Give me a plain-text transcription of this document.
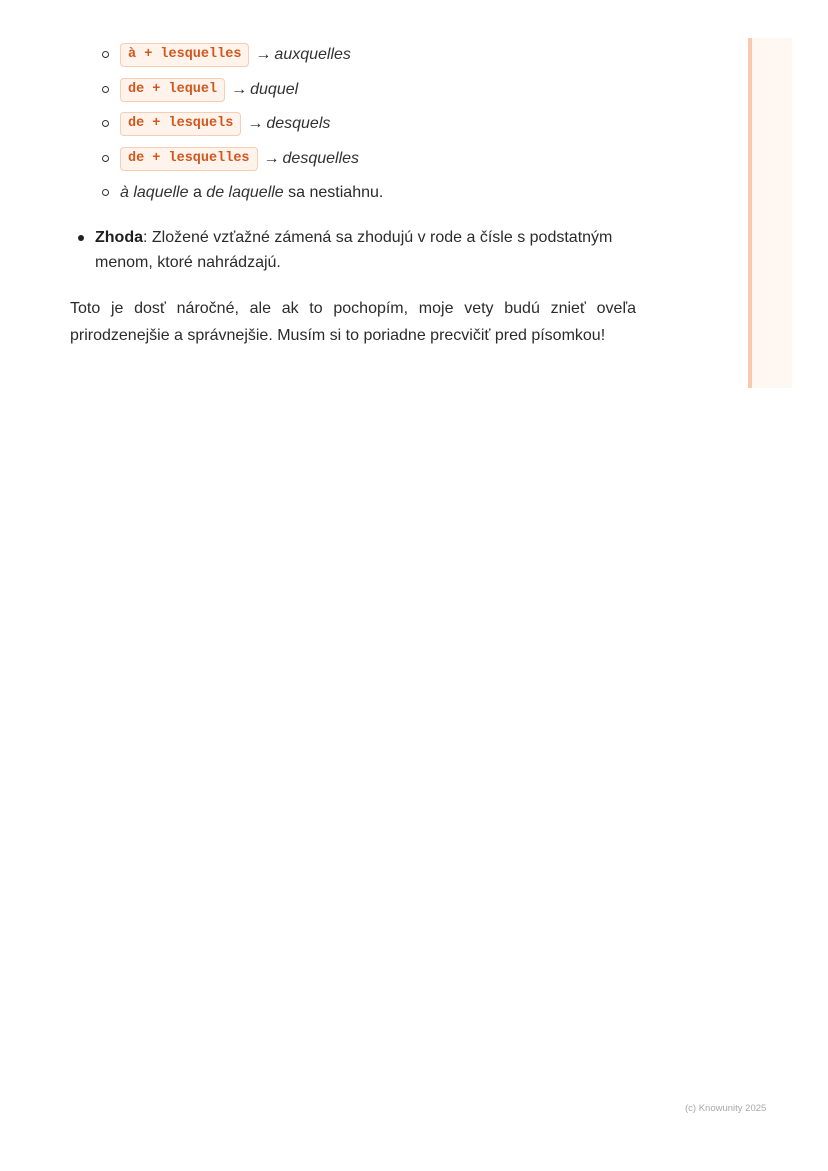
à + lesquelles → auxquelles
de + lequel → duquel
de + lesquels → desquels
de + lesquelles → desquelles
à laquelle a de laquelle sa nestiahnu.
Zhoda: Zložené vzťažné zámená sa zhodujú v rode a čísle s podstatným menom, ktoré nahrádzajú.

Toto je dosť náročné, ale ak to pochopím, moje vety budú znieť oveľa prirodzenejšie a správnejšie. Musím si to poriadne precvičiť pred písomkou!

(c) Knowunity 2025
